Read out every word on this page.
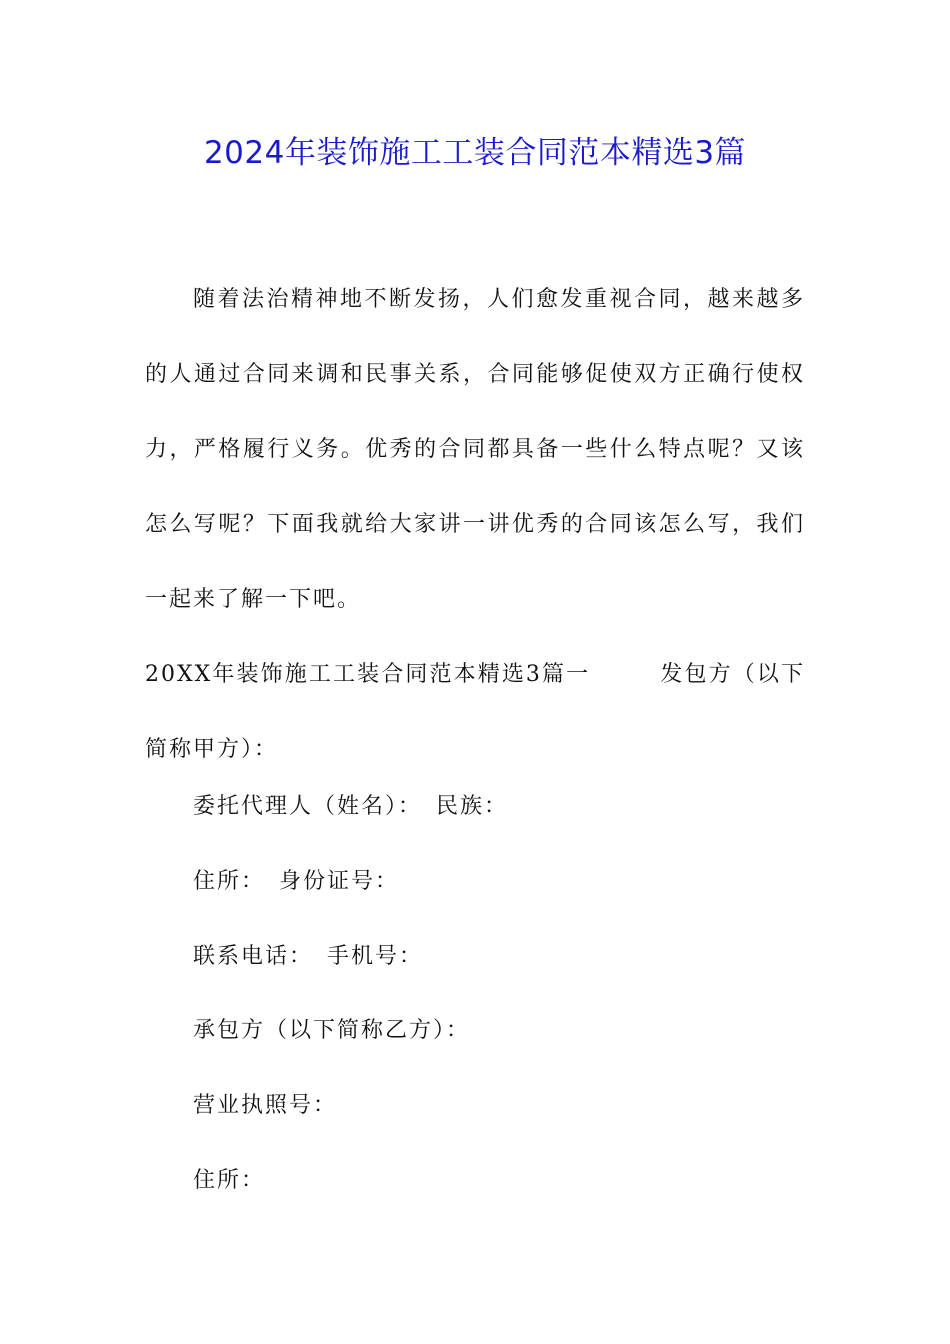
2024年装饰施工工装合同范本精选3篇

随着法治精神地不断发扬，人们愈发重视合同，越来越多的人通过合同来调和民事关系，合同能够促使双方正确行使权力，严格履行义务。优秀的合同都具备一些什么特点呢？又该怎么写呢？下面我就给大家讲一讲优秀的合同该怎么写，我们一起来了解一下吧。

20XX年装饰施工工装合同范本精选3篇一	发包方（以下简称甲方）：

委托代理人（姓名）： 民族：

住所： 身份证号：

联系电话： 手机号：

承包方（以下简称乙方）：

营业执照号：

住所：
